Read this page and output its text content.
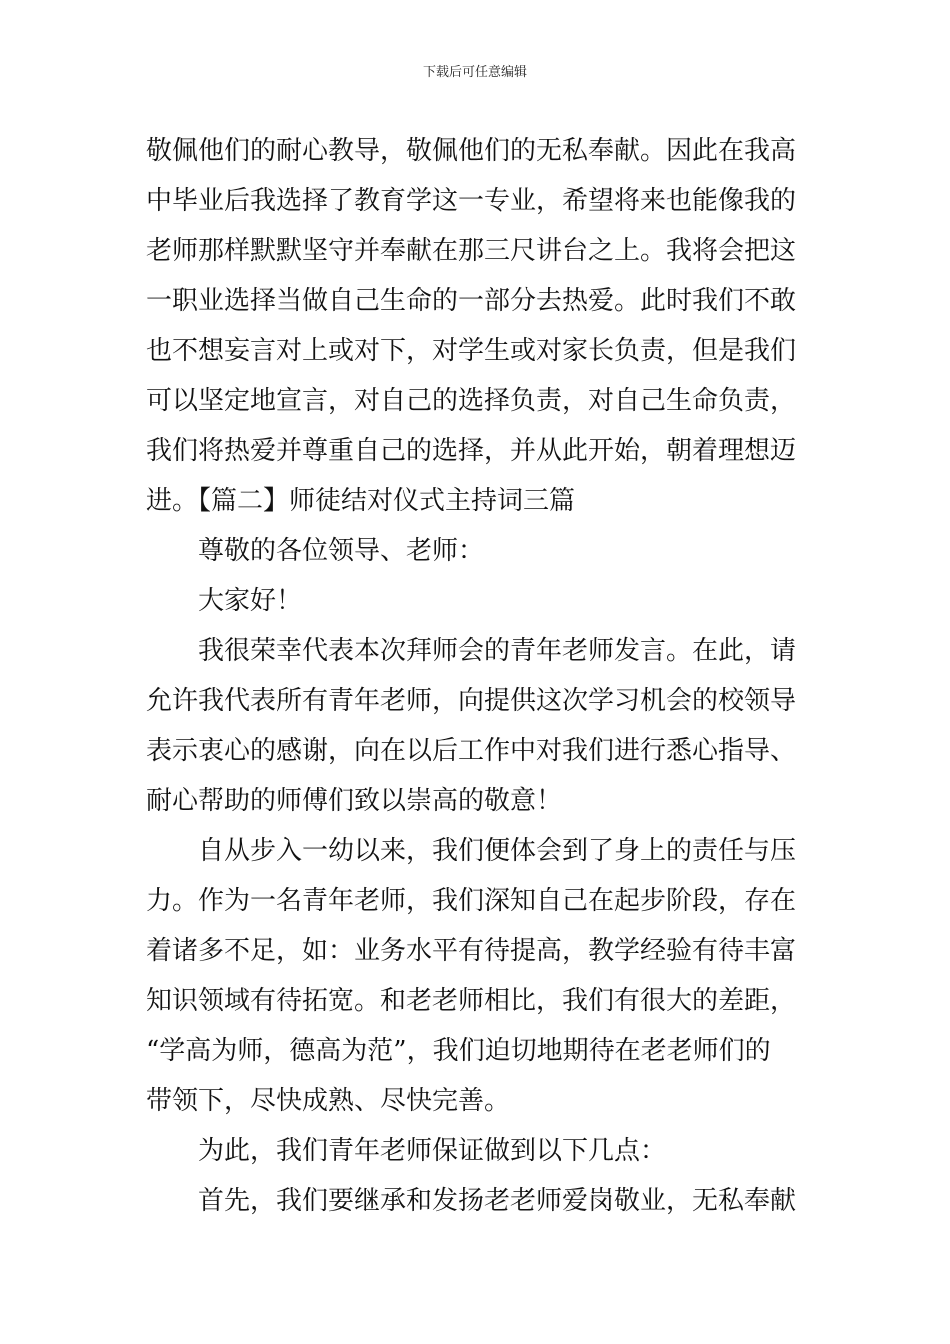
下载后可任意编辑
敬佩他们的耐心教导，敬佩他们的无私奉献。因此在我高
中毕业后我选择了教育学这一专业，希望将来也能像我的
老师那样默默坚守并奉献在那三尺讲台之上。我将会把这
一职业选择当做自己生命的一部分去热爱。此时我们不敢
也不想妄言对上或对下，对学生或对家长负责，但是我们
可以坚定地宣言，对自己的选择负责，对自己生命负责，
我们将热爱并尊重自己的选择，并从此开始，朝着理想迈
进。【篇二】师徒结对仪式主持词三篇
尊敬的各位领导、老师：
大家好！
我很荣幸代表本次拜师会的青年老师发言。在此，请
允许我代表所有青年老师，向提供这次学习机会的校领导
表示衷心的感谢，向在以后工作中对我们进行悉心指导、
耐心帮助的师傅们致以崇高的敬意！
自从步入一幼以来，我们便体会到了身上的责任与压
力。作为一名青年老师，我们深知自己在起步阶段，存在
着诸多不足，如：业务水平有待提高，教学经验有待丰富
知识领域有待拓宽。和老老师相比，我们有很大的差距，
“学高为师，德高为范”，我们迫切地期待在老老师们的
带领下，尽快成熟、尽快完善。
为此，我们青年老师保证做到以下几点：
首先，我们要继承和发扬老老师爱岗敬业，无私奉献
